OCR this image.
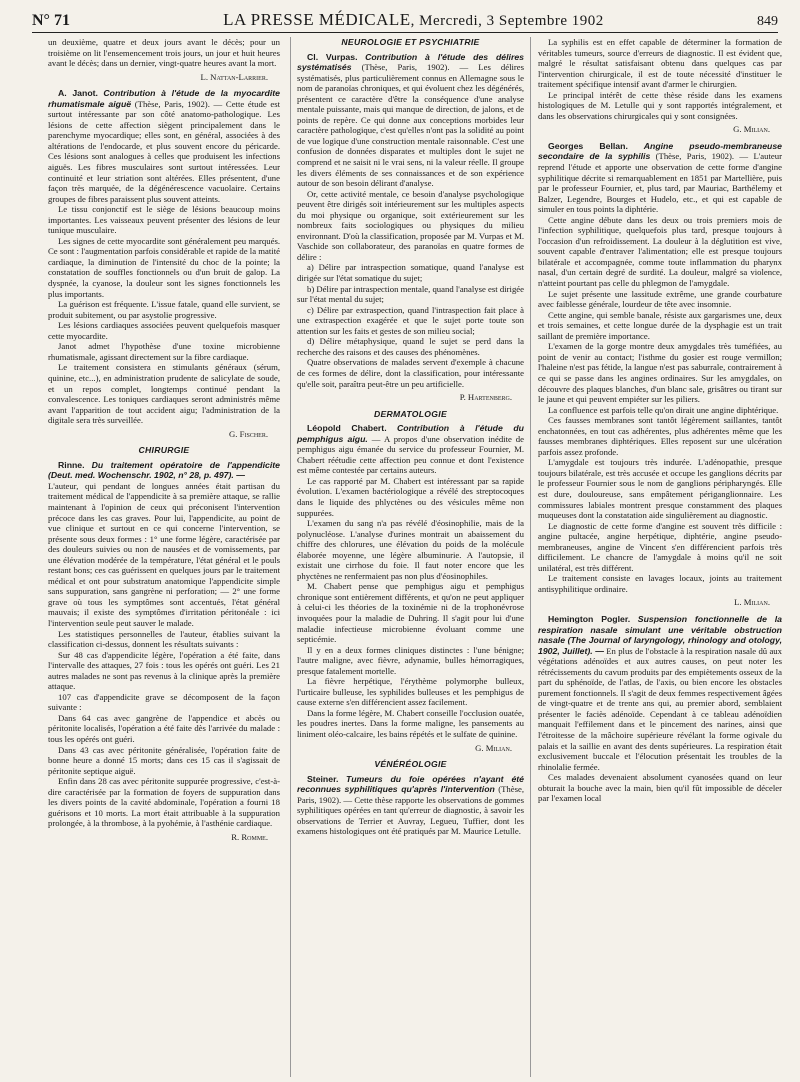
N° 71	LA PRESSE MÉDICALE, Mercredi, 3 Septembre 1902	849

un deuxième, quatre et deux jours avant le décès; pour un troisième on lit l'ensemencement trois jours, un jour et huit heures avant le décès; dans un dernier, vingt-quatre heures avant la mort.

L. Nattan-Larrier.

A. Janot. Contribution à l'étude de la myocardite rhumatismale aiguë (Thèse, Paris, 1902). — Cette étude est surtout intéressante par son côté anatomo-pathologique. Les lésions de cette affection siègent principalement dans le parenchyme myocardique; elles sont, en général, associées à des altérations de l'endocarde, et plus souvent encore du péricarde. Ces lésions sont analogues à celles que produisent les infections aiguës. Les fibres musculaires sont surtout intéressées. Leur continuité et leur striation sont altérées. Elles présentent, d'une façon très marquée, de la dégénérescence vacuolaire. Certains groupes de fibres paraissent plus souvent atteints.

Le tissu conjonctif est le siège de lésions beaucoup moins importantes. Les vaisseaux peuvent présenter des lésions de leur tunique musculaire.

Les signes de cette myocardite sont généralement peu marqués. Ce sont : l'augmentation parfois considérable et rapide de la matité cardiaque, la diminution de l'intensité du choc de la pointe; la constatation de souffles fonctionnels ou d'un bruit de galop. La dyspnée, la cyanose, la douleur sont les signes fonctionnels les plus importants.

La guérison est fréquente. L'issue fatale, quand elle survient, se produit subitement, ou par asystolie progressive.

Les lésions cardiaques associées peuvent quelquefois masquer cette myocardite.

Janot admet l'hypothèse d'une toxine microbienne rhumatismale, agissant directement sur la fibre cardiaque.

Le traitement consistera en stimulants généraux (sérum, quinine, etc...), en administration prudente de salicylate de soude, et un repos complet, longtemps continué pendant la convalescence. Les toniques cardiaques seront administrés même avant l'apparition de tout accident aigu; l'administration de la digitale sera très surveillée.

G. Fischer.

CHIRURGIE

Rinne. Du traitement opératoire de l'appendicite (Deut. med. Wochenschr. 1902, n° 28, p. 497). —

L'auteur, qui pendant de longues années était partisan du traitement médical de l'appendicite à sa première attaque, se rallie maintenant à l'opinion de ceux qui préconisent l'intervention précoce dans les cas graves. Pour lui, l'appendicite, au point de vue clinique et surtout en ce qui concerne l'intervention, se présente sous deux formes : 1° une forme légère, caractérisée par des douleurs suivies ou non de nausées et de vomissements, par une élévation modérée de la température, l'état général et le pouls restant bons; ces cas guérissent en quelques jours par le traitement médical et ont pour substratum anatomique l'appendicite simple sans suppuration, sans gangrène ni perforation; — 2° une forme grave où tous les symptômes sont accentués, l'état général mauvais; il existe des symptômes d'irritation péritonéale : ici l'intervention seule peut sauver le malade.

Les statistiques personnelles de l'auteur, établies suivant la classification ci-dessus, donnent les résultats suivants :

Sur 48 cas d'appendicite légère, l'opération a été faite, dans l'intervalle des attaques, 27 fois : tous les opérés ont guéri. Les 21 autres malades ne sont pas revenus à la clinique après la première attaque.

107 cas d'appendicite grave se décomposent de la façon suivante :

Dans 64 cas avec gangrène de l'appendice et abcès ou péritonite localisés, l'opération a été faite dès l'arrivée du malade : tous les opérés ont guéri.

Dans 43 cas avec péritonite généralisée, l'opération faite de bonne heure a donné 15 morts; dans ces 15 cas il s'agissait de péritonite septique aiguë.

Enfin dans 28 cas avec péritonite suppurée progressive, c'est-à-dire caractérisée par la formation de foyers de suppuration dans les divers points de la cavité abdominale, l'opération a fourni 18 guérisons et 10 morts. La mort était attribuable à la suppuration prolongée, à la thrombose, à la pyohémie, à l'asthénie cardiaque.

R. Romme.

NEUROLOGIE ET PSYCHIATRIE

Cl. Vurpas. Contribution à l'étude des délires systématisés (Thèse, Paris, 1902). — Les délires systématisés, plus particulièrement connus en Allemagne sous le nom de paranoïas chroniques, et qui évoluent chez les dégénérés, présentent ce caractère d'être la conséquence d'une analyse mentale puissante, mais qui manque de direction, de jalons, et de points de repère. Ce qui donne aux conceptions morbides leur caractère pathologique, c'est qu'elles n'ont pas la solidité au point de vue logique d'une construction mentale raisonnable. C'est une confusion de données disparates et multiples dont le sujet ne comprend et ne saisit ni le vrai sens, ni la valeur réelle. Il groupe les divers éléments de ses connaissances et de son expérience autour de son besoin délirant d'analyse.

Or, cette activité mentale, ce besoin d'analyse psychologique peuvent être dirigés soit intérieurement sur les multiples aspects du moi physique ou organique, soit extérieurement sur les nombreux faits sociologiques ou physiques du milieu environnant. D'où la classification, proposée par M. Vurpas et M. Vaschide son collaborateur, des paranoïas en quatre formes de délire :

a) Délire par intraspection somatique, quand l'analyse est dirigée sur l'état somatique du sujet;

b) Délire par intraspection mentale, quand l'analyse est dirigée sur l'état mental du sujet;

c) Délire par extraspection, quand l'intraspection fait place à une extraspection exagérée et que le sujet porte toute son attention sur les faits et gestes de son milieu social;

d) Délire métaphysique, quand le sujet se perd dans la recherche des raisons et des causes des phénomènes.

Quatre observations de malades servent d'exemple à chacune de ces formes de délire, dont la classification, pour intéressante qu'elle soit, paraîtra peut-être un peu artificielle.

P. Hartenberg.

DERMATOLOGIE

Léopold Chabert. Contribution à l'étude du pemphigus aigu. — A propos d'une observation inédite de pemphigus aigu émanée du service du professeur Fournier, M. Chabert réétudie cette affection peu connue et dont l'existence est même contestée par certains auteurs.

Le cas rapporté par M. Chabert est intéressant par sa rapide évolution. L'examen bactériologique a révélé des streptocoques dans le liquide des phlyctènes ou des vésicules même non suppurées.

L'examen du sang n'a pas révélé d'éosinophilie, mais de la polynucléose. L'analyse d'urines montrait un abaissement du chiffre des chlorures, une élévation du poids de la molécule élaborée moyenne, une légère albuminurie. A l'autopsie, il existait une cirrhose du foie. Il faut noter encore que les phyctènes ne renfermaient pas non plus d'éosinophiles.

M. Chabert pense que pemphigus aigu et pemphigus chronique sont entièrement différents, et qu'on ne peut appliquer à celui-ci les théories de la toxinémie ni de la trophonévrose invoquées pour la maladie de Duhring. Il s'agit pour lui d'une maladie infectieuse microbienne évoluant comme une septicémie.

Il y en a deux formes cliniques distinctes : l'une bénigne; l'autre maligne, avec fièvre, adynamie, bulles hémorragiques, presque fatalement mortelle.

La fièvre herpétique, l'érythème polymorphe bulleux, l'urticaire bulleuse, les syphilides bulleuses et les pemphigus de cause externe s'en différencient assez facilement.

Dans la forme légère, M. Chabert conseille l'occlusion ouatée, les poudres inertes. Dans la forme maligne, les pansements au liniment oléo-calcaire, les bains répétés et le sulfate de quinine.

G. Milian.

VÉNÉRÉOLOGIE

Steiner. Tumeurs du foie opérées n'ayant été reconnues syphilitiques qu'après l'intervention (Thèse, Paris, 1902). — Cette thèse rapporte les observations de gommes syphilitiques opérées en tant qu'erreur de diagnostic, à savoir les observations de Terrier et Auvray, Legueu, Tuffier, dont les examens histologiques ont été pratiqués par M. Maurice Letulle.

La syphilis est en effet capable de déterminer la formation de véritables tumeurs, source d'erreurs de diagnostic. Il est évident que, malgré le résultat satisfaisant obtenu dans quelques cas par l'intervention chirurgicale, il est de toute nécessité d'instituer le traitement spécifique intensif avant d'armer le chirurgien.

Le principal intérêt de cette thèse réside dans les examens histologiques de M. Letulle qui y sont rapportés intégralement, et dans les observations chirurgicales qui y sont consignées.

G. Milian.

Georges Bellan. Angine pseudo-membraneuse secondaire de la syphilis (Thèse, Paris, 1902). — L'auteur reprend l'étude et apporte une observation de cette forme d'angine syphilitique décrite si remarquablement en 1851 par Martellière, puis par le professeur Fournier, et, plus tard, par Mauriac, Barthélemy et Balzer, Legendre, Bourges et Hudelo, etc., et qui est capable de simuler en tous points la diphtérie.

Cette angine débute dans les deux ou trois premiers mois de l'infection syphilitique, quelquefois plus tard, presque toujours à l'occasion d'un refroidissement. La douleur à la déglutition est vive, souvent capable d'entraver l'alimentation; elle est presque toujours bilatérale et accompagnée, comme toute inflammation du pharynx nasal, d'un certain degré de surdité. La douleur, malgré sa violence, n'atteint pourtant pas celle du phlegmon de l'amygdale.

Le sujet présente une lassitude extrême, une grande courbature avec faiblesse générale, lourdeur de tête avec insomnie.

Cette angine, qui semble banale, résiste aux gargarismes une, deux et trois semaines, et cette longue durée de la dysphagie est un trait saillant de première importance.

L'examen de la gorge montre deux amygdales très tuméfiées, au point de venir au contact; l'isthme du gosier est rouge vermillon; l'haleine n'est pas fétide, la langue n'est pas saburrale, contrairement à ce qui se passe dans les angines ordinaires. Sur les amygdales, on découvre des plaques blanches, d'un blanc sale, grisâtres ou tirant sur le jaune et qui peuvent empiéter sur les piliers.

La confluence est parfois telle qu'on dirait une angine diphtérique.

Ces fausses membranes sont tantôt légèrement saillantes, tantôt enchatonnées, en tout cas adhérentes, plus adhérentes même que les fausses membranes diphtériques. Elles reposent sur une ulcération parfois assez profonde.

L'amygdale est toujours très indurée. L'adénopathie, presque toujours bilatérale, est très accusée et occupe les ganglions décrits par le professeur Fournier sous le nom de ganglions péripharyngés. Elle est dure, douloureuse, sans empâtement périganglionnaire. Les commissures labiales montrent presque constamment des plaques muqueuses dont la constatation aide singulièrement au diagnostic.

Le diagnostic de cette forme d'angine est souvent très difficile : angine pultacée, angine herpétique, diphtérie, angine pseudo-membraneuses, angine de Vincent s'en différencient parfois très difficilement. Le chancre de l'amygdale à moins qu'il ne soit unilatéral, est très différent.

Le traitement consiste en lavages locaux, joints au traitement antisyphilitique ordinaire.

L. Milian.

Hemington Pogler. Suspension fonctionnelle de la respiration nasale simulant une véritable obstruction nasale (The Journal of laryngology, rhinology and otology, 1902, Juillet). — En plus de l'obstacle à la respiration nasale dû aux végétations adénoïdes et aux autres causes, on peut noter les rétrécissements du cavum produits par des empiètements osseux de la part du sphénoïde, de l'atlas, de l'axis, ou bien encore les obstacles purement fonctionnels. Il s'agit de deux femmes respectivement âgées de vingt-quatre et de trente ans qui, au premier abord, semblaient présenter le faciès adénoïde. Cependant à ce tableau adénoïdien manquait l'effilement dans et le pincement des narines, ainsi que l'étroitesse de la mâchoire supérieure révélant la forme ogivale du palais et la saillie en avant des dents supérieures. La respiration était exclusivement buccale et l'élocution présentait les troubles de la rhinolalie fermée.

Ces malades devenaient absolument cyanosées quand on leur obturait la bouche avec la main, bien qu'il fût impossible de déceler par l'examen local
